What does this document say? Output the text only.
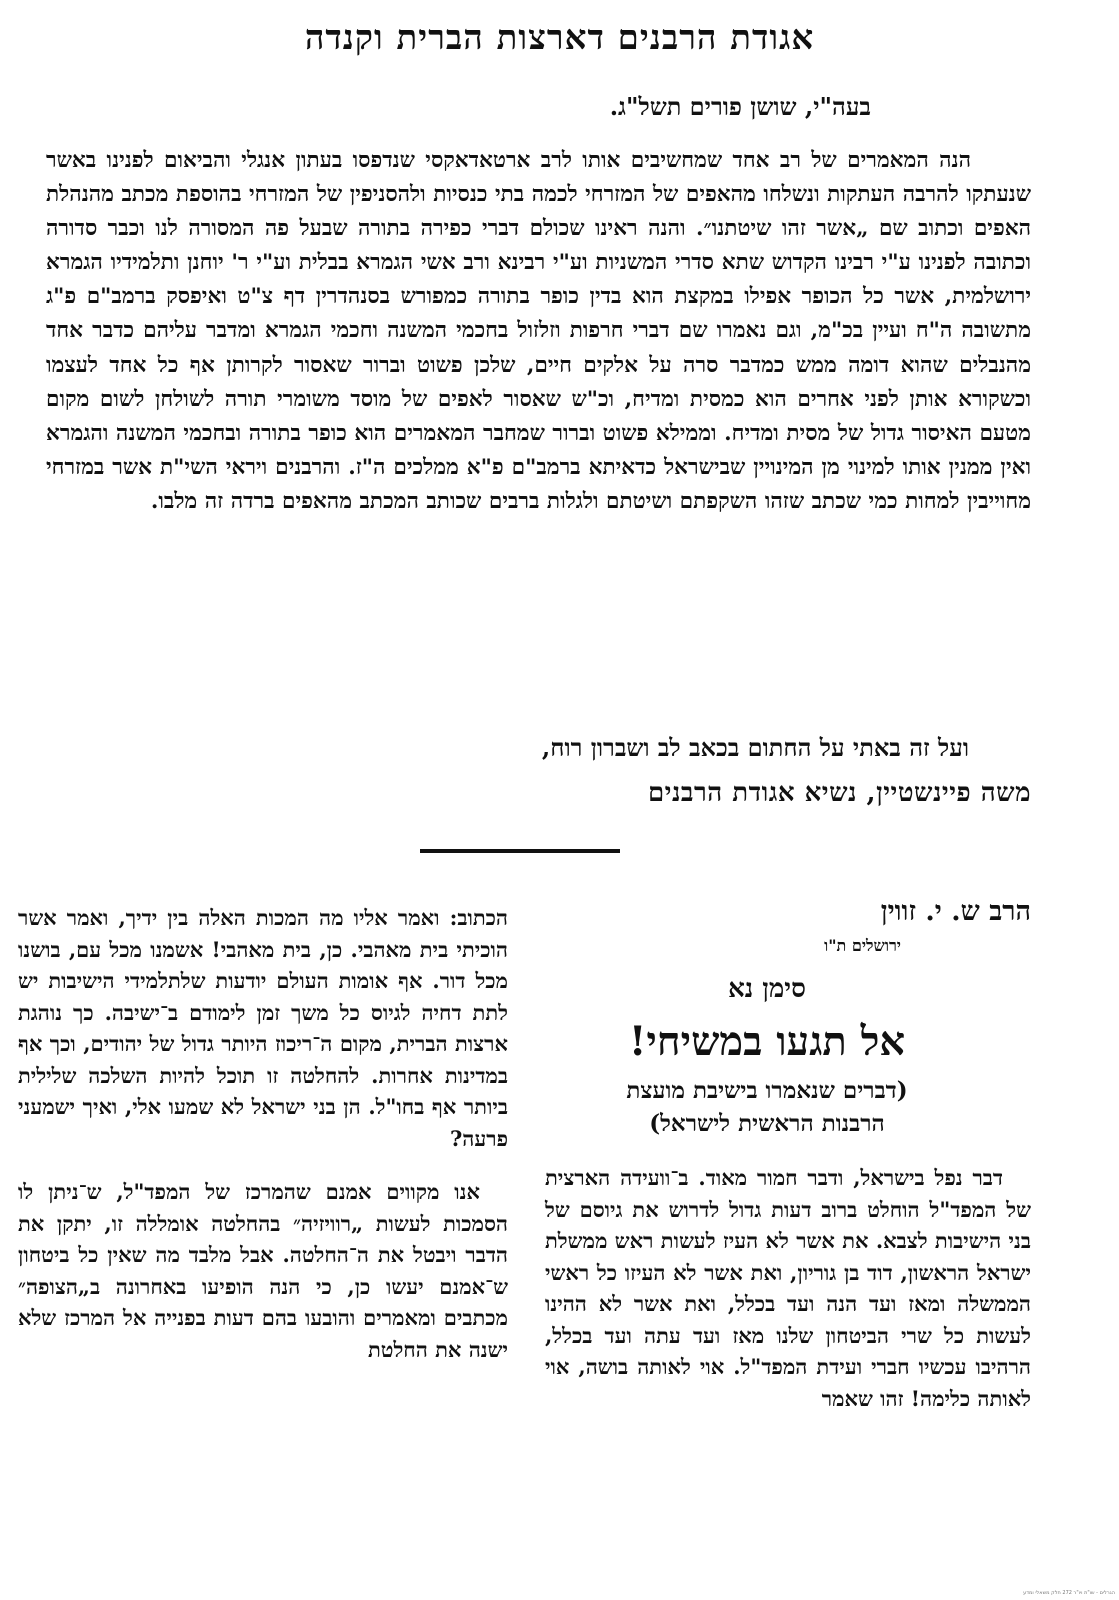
אגודת הרבנים דארצות הברית וקנדה
בעה"י, שושן פורים תשל"ג.

הנה המאמרים של רב אחד שמחשיבים אותו לרב ארטאדאקסי שנדפסו בעתון אנגלי והביאום לפנינו באשר שנעתקו להרבה העתקות ונשלחו מהאפים של המזרחי לכמה בתי כנסיות ולהסניפין של המזרחי בהוספת מכתב מהנהלת האפים וכתוב שם „אשר זהו שיטתנו״. והנה ראינו שכולם דברי כפירה בתורה שבעל פה המסורה לנו וכבר סדורה וכתובה לפנינו ע"י רבינו הקדוש שתא סדרי המשניות וע"י רבינא ורב אשי הגמרא בבלית וע"י ר' יוחנן ותלמידיו הגמרא ירושלמית, אשר כל הכופר אפילו במקצת הוא בדין כופר בתורה כמפורש בסנהדרין דף צ"ט ואיפסק ברמב"ם פ"ג מתשובה ה"ח ועיין בכ"מ, וגם נאמרו שם דברי חרפות וזלזול בחכמי המשנה וחכמי הגמרא ומדבר עליהם כדבר אחד מהנבלים שהוא דומה ממש כמדבר סרה על אלקים חיים, שלכן פשוט וברור שאסור לקרותן אף כל אחד לעצמו וכשקורא אותן לפני אחרים הוא כמסית ומדיח, וכ"ש שאסור לאפים של מוסד משומרי תורה לשולחן לשום מקום מטעם האיסור גדול של מסית ומדיח. וממילא פשוט וברור שמחבר המאמרים הוא כופר בתורה ובחכמי המשנה והגמרא ואין ממנין אותו למינוי מן המינויין שבישראל כדאיתא ברמב"ם פ"א ממלכים ה"ז. והרבנים ויראי השי"ת אשר במזרחי מחוייבין למחות כמי שכתב שזהו השקפתם ושיטתם ולגלות ברבים שכותב המכתב מהאפים ברדה זה מלבו.

ועל זה באתי על החתום בכאב לב ושברון רוח,
משה פיינשטיין, נשיא אגודת הרבנים
הרב ש. י. זווין
ירושלים ת"ו
סימן נא
אל תגעו במשיחי!
(דברים שנאמרו בישיבת מועצת
הרבנות הראשית לישראל)

דבר נפל בישראל, ודבר חמור מאוד. ב־וועידה הארצית של המפד"ל הוחלט ברוב דעות גדול לדרוש את גיוסם של בני הישיבות לצבא. את אשר לא העיז לעשות ראש ממשלת ישראל הראשון, דוד בן גוריון, ואת אשר לא העיזו כל ראשי הממשלה ומאז ועד הנה ועד בכלל, ואת אשר לא ההינו לעשות כל שרי הביטחון שלנו מאז ועד עתה ועד בכלל, הרהיבו עכשיו חברי ועידת המפד"ל. אוי לאותה בושה, אוי לאותה כלימה! זהו שאמר

הכתוב: ואמר אליו מה המכות האלה בין ידיך, ואמר אשר הוכיתי בית מאהבי. כן, בית מאהבי! אשמנו מכל עם, בושנו מכל דור. אף אומות העולם יודעות שלתלמידי הישיבות יש לתת דחיה לגיוס כל משך זמן לימודם ב־ישיבה. כך נוהגת ארצות הברית, מקום ה־ריכוז היותר גדול של יהודים, וכך אף במדינות אחרות. להחלטה זו תוכל להיות השלכה שלילית ביותר אף בחו"ל. הן בני ישראל לא שמעו אלי, ואיך ישמעני פרעה?

אנו מקווים אמנם שהמרכז של המפד"ל, ש־ניתן לו הסמכות לעשות „רוויזיה״ בהחלטה אומללה זו, יתקן את הדבר ויבטל את ה־החלטה. אבל מלבד מה שאין כל ביטחון ש־אמנם יעשו כן, כי הנה הופיעו באחרונה ב„הצופה״ מכתבים ומאמרים והובעו בהם דעות בפנייה אל המרכז שלא ישנה את החלטת

הגרלים - שו"ת ויו"ר 272 חלק משאלי ומדע
